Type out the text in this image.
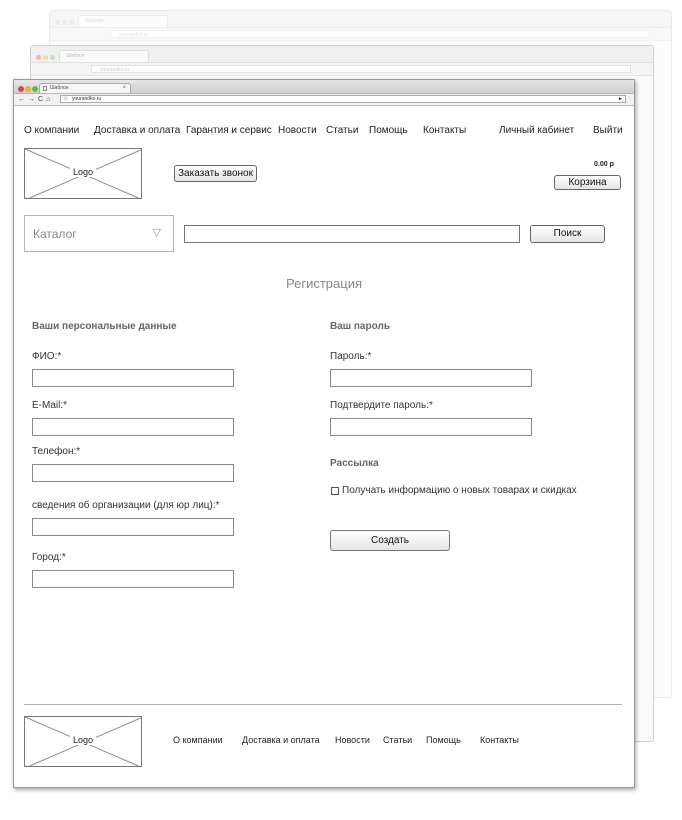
Шаблон
yourandko.ru
Шаблон
yourandko.ru
Шаблон	×
←→C⌂ ☆ yourandko.ru	►
О компании Доставка и оплата Гарантия и сервис Новости Статьи Помощь Контакты	Личный кабинет Выйти
Logo	Заказать звонок
0.00 р
Корзина
Каталог	▽	Поиск
Регистрация
Ваши персональные данные
ФИО:*
E-Mail:*
Телефон:*
сведения об организации (для юр лиц):*
Город:*
Ваш пароль
Пароль:*
Подтвердите пароль:*
Рассылка
Получать информацию о новых товарах и скидках
Создать
Logo	О компании Доставка и оплата Новости Статьи Помощь Контакты
